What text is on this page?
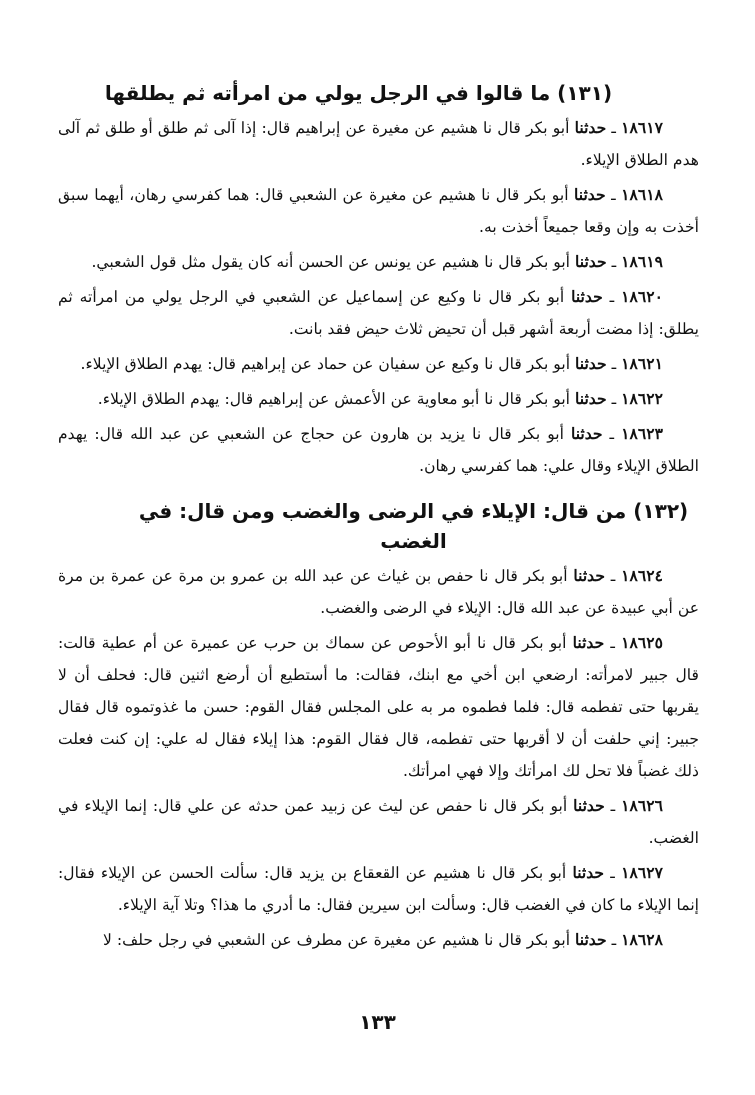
(١٣١) ما قالوا في الرجل يولي من امرأته ثم يطلقها

١٨٦١٧ ـ حدثنا أبو بكر قال نا هشيم عن مغيرة عن إبراهيم قال: إذا آلى ثم طلق أو طلق ثم آلى هدم الطلاق الإيلاء.

١٨٦١٨ ـ حدثنا أبو بكر قال نا هشيم عن مغيرة عن الشعبي قال: هما كفرسي رهان، أيهما سبق أخذت به وإن وقعا جميعاً أخذت به.

١٨٦١٩ ـ حدثنا أبو بكر قال نا هشيم عن يونس عن الحسن أنه كان يقول مثل قول الشعبي.

١٨٦٢٠ ـ حدثنا أبو بكر قال نا وكيع عن إسماعيل عن الشعبي في الرجل يولي من امرأته ثم يطلق: إذا مضت أربعة أشهر قبل أن تحيض ثلاث حيض فقد بانت.

١٨٦٢١ ـ حدثنا أبو بكر قال نا وكيع عن سفيان عن حماد عن إبراهيم قال: يهدم الطلاق الإيلاء.

١٨٦٢٢ ـ حدثنا أبو بكر قال نا أبو معاوية عن الأعمش عن إبراهيم قال: يهدم الطلاق الإيلاء.

١٨٦٢٣ ـ حدثنا أبو بكر قال نا يزيد بن هارون عن حجاج عن الشعبي عن عبد الله قال: يهدم الطلاق الإيلاء وقال علي: هما كفرسي رهان.

(١٣٢) من قال: الإيلاء في الرضى والغضب ومن قال: في الغضب

١٨٦٢٤ ـ حدثنا أبو بكر قال نا حفص بن غياث عن عبد الله بن عمرو بن مرة عن عمرة بن مرة عن أبي عبيدة عن عبد الله قال: الإيلاء في الرضى والغضب.

١٨٦٢٥ ـ حدثنا أبو بكر قال نا أبو الأحوص عن سماك بن حرب عن عميرة عن أم عطية قالت: قال جبير لامرأته: ارضعي ابن أخي مع ابنك، فقالت: ما أستطيع أن أرضع اثنين قال: فحلف أن لا يقربها حتى تفطمه قال: فلما فطموه مر به على المجلس فقال القوم: حسن ما غذوتموه قال فقال جبير: إني حلفت أن لا أقربها حتى تفطمه، قال فقال القوم: هذا إيلاء فقال له علي: إن كنت فعلت ذلك غضباً فلا تحل لك امرأتك وإلا فهي امرأتك.

١٨٦٢٦ ـ حدثنا أبو بكر قال نا حفص عن ليث عن زبيد عمن حدثه عن علي قال: إنما الإيلاء في الغضب.

١٨٦٢٧ ـ حدثنا أبو بكر قال نا هشيم عن القعقاع بن يزيد قال: سألت الحسن عن الإيلاء فقال: إنما الإيلاء ما كان في الغضب قال: وسألت ابن سيرين فقال: ما أدري ما هذا؟ وتلا آية الإيلاء.

١٨٦٢٨ ـ حدثنا أبو بكر قال نا هشيم عن مغيرة عن مطرف عن الشعبي في رجل حلف: لا

١٣٣
